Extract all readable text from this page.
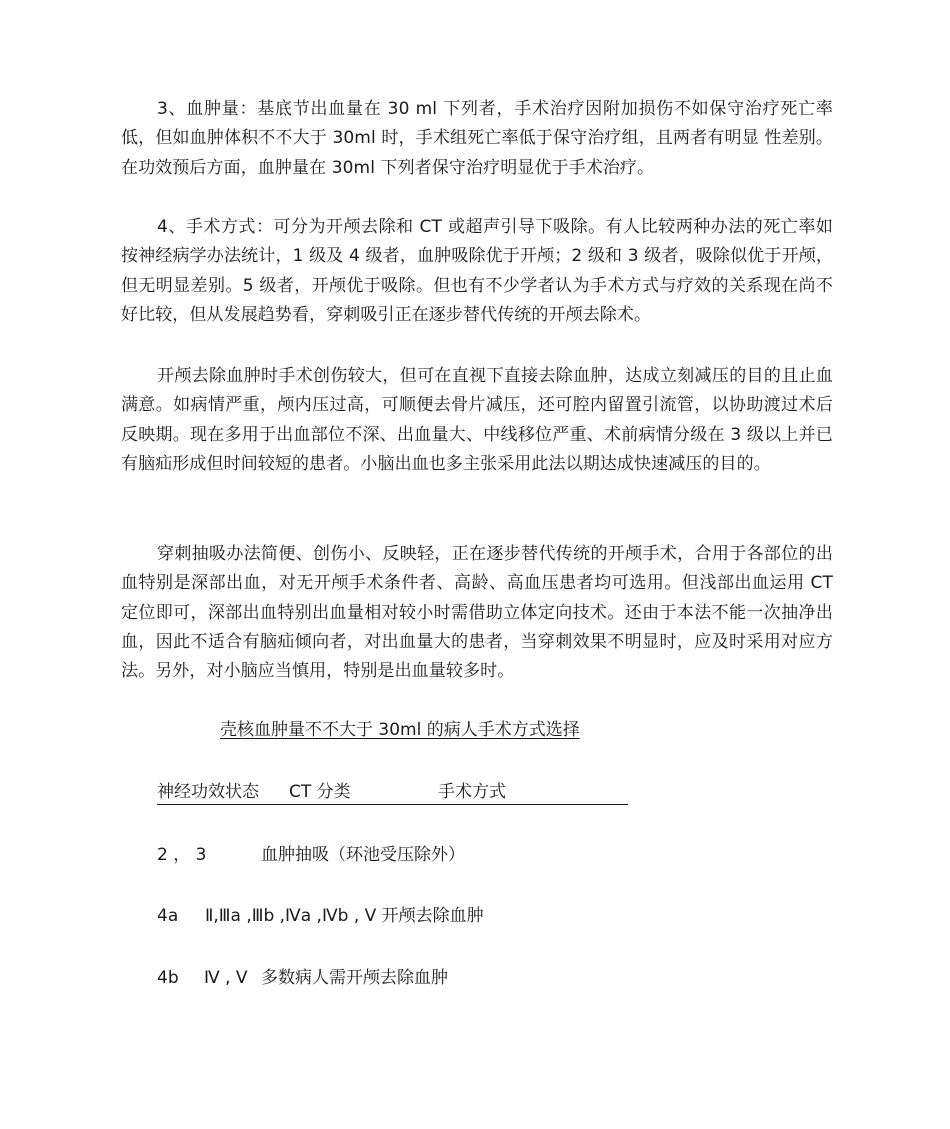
3、血肿量：基底节出血量在 30 ml 下列者，手术治疗因附加损伤不如保守治疗死亡率低，但如血肿体积不不大于 30ml 时，手术组死亡率低于保守治疗组，且两者有明显 性差别。在功效预后方面，血肿量在 30ml 下列者保守治疗明显优于手术治疗。

4、手术方式：可分为开颅去除和 CT 或超声引导下吸除。有人比较两种办法的死亡率如按神经病学办法统计，1 级及 4 级者，血肿吸除优于开颅；2 级和 3 级者，吸除似优于开颅，但无明显差别。5 级者，开颅优于吸除。但也有不少学者认为手术方式与疗效的关系现在尚不好比较，但从发展趋势看，穿刺吸引正在逐步替代传统的开颅去除术。

开颅去除血肿时手术创伤较大，但可在直视下直接去除血肿，达成立刻减压的目的且止血满意。如病情严重，颅内压过高，可顺便去骨片减压，还可腔内留置引流管，以协助渡过术后反映期。现在多用于出血部位不深、出血量大、中线移位严重、术前病情分级在 3 级以上并已有脑疝形成但时间较短的患者。小脑出血也多主张采用此法以期达成快速减压的目的。

穿刺抽吸办法简便、创伤小、反映轻，正在逐步替代传统的开颅手术，合用于各部位的出血特别是深部出血，对无开颅手术条件者、高龄、高血压患者均可选用。但浅部出血运用 CT 定位即可，深部出血特别出血量相对较小时需借助立体定向技术。还由于本法不能一次抽净出血，因此不适合有脑疝倾向者，对出血量大的患者，当穿刺效果不明显时，应及时采用对应方法。另外，对小脑应当慎用，特别是出血量较多时。

壳核血肿量不不大于 30ml 的病人手术方式选择

神经功效状态 CT 分类	手术方式
2 ， 3	血肿抽吸（环池受压除外）
4a Ⅱ,Ⅲa ,Ⅲb ,Ⅳa ,Ⅳb , Ⅴ 开颅去除血肿
4b Ⅳ , Ⅴ 多数病人需开颅去除血肿
